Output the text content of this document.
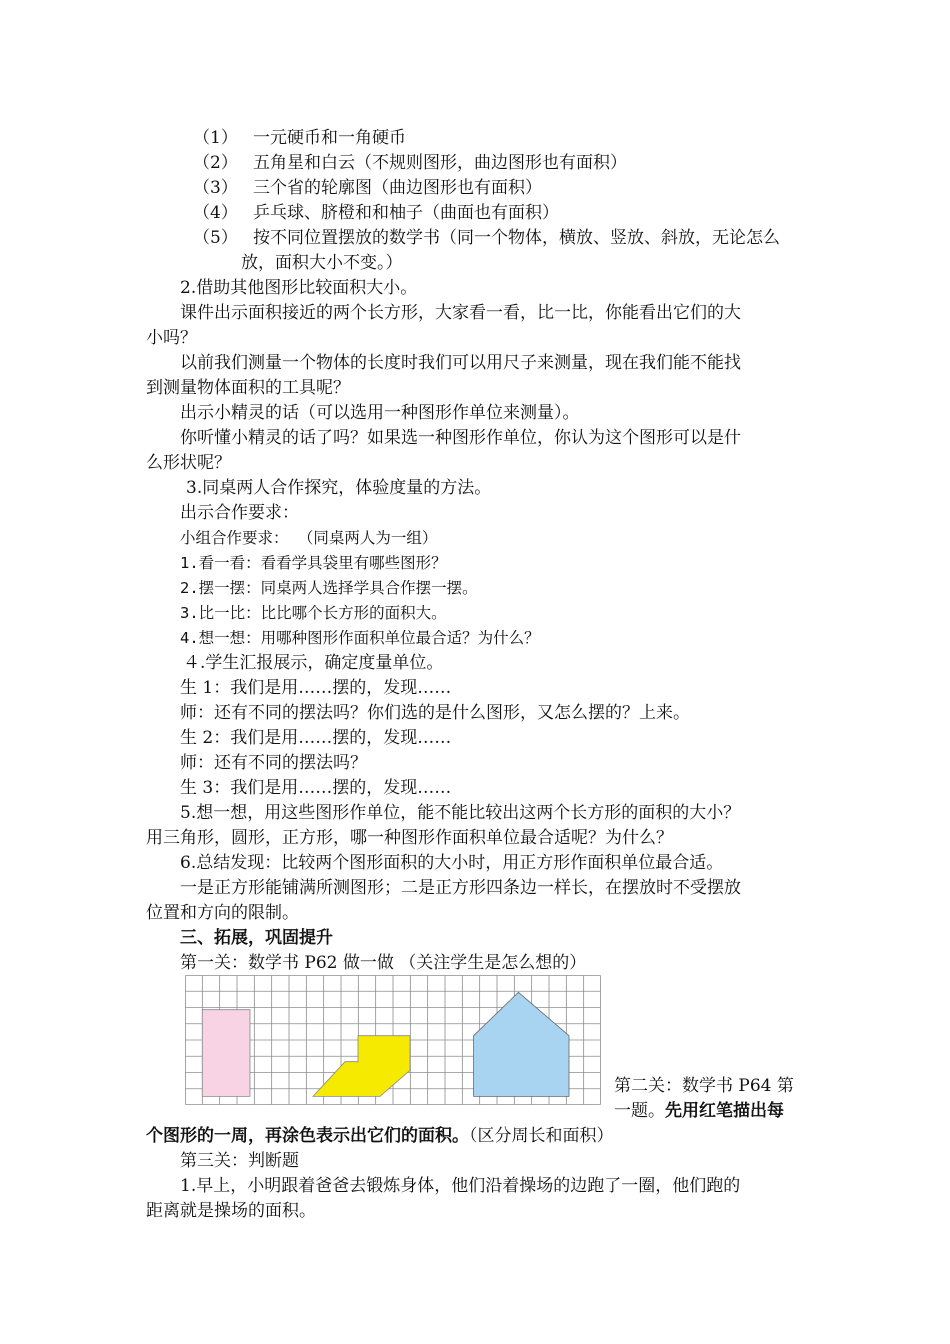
（1） 一元硬币和一角硬币
（2） 五角星和白云（不规则图形，曲边图形也有面积）
（3） 三个省的轮廓图（曲边图形也有面积）
（4） 乒乓球、脐橙和和柚子（曲面也有面积）
（5） 按不同位置摆放的数学书（同一个物体，横放、竖放、斜放，无论怎么
放，面积大小不变。）
2.借助其他图形比较面积大小。
课件出示面积接近的两个长方形，大家看一看，比一比，你能看出它们的大
小吗？
以前我们测量一个物体的长度时我们可以用尺子来测量，现在我们能不能找
到测量物体面积的工具呢？
出示小精灵的话（可以选用一种图形作单位来测量）。
你听懂小精灵的话了吗？如果选一种图形作单位，你认为这个图形可以是什
么形状呢？
3.同桌两人合作探究，体验度量的方法。
出示合作要求：
小组合作要求： （同桌两人为一组）
1.看一看：看看学具袋里有哪些图形？
2.摆一摆：同桌两人选择学具合作摆一摆。
3.比一比：比比哪个长方形的面积大。
4.想一想：用哪种图形作面积单位最合适？为什么？
４.学生汇报展示，确定度量单位。
生 1：我们是用……摆的，发现……
师：还有不同的摆法吗？你们选的是什么图形，又怎么摆的？上来。
生 2：我们是用……摆的，发现……
师：还有不同的摆法吗？
生 3：我们是用……摆的，发现……
5.想一想，用这些图形作单位，能不能比较出这两个长方形的面积的大小？
用三角形，圆形，正方形，哪一种图形作面积单位最合适呢？为什么？
6.总结发现：比较两个图形面积的大小时，用正方形作面积单位最合适。
一是正方形能铺满所测图形；二是正方形四条边一样长，在摆放时不受摆放
位置和方向的限制。
三、拓展，巩固提升
第一关：数学书 P62 做一做 （关注学生是怎么想的）
第二关：数学书 P64 第
一题。先用红笔描出每
个图形的一周，再涂色表示出它们的面积。（区分周长和面积）
第三关：判断题
1.早上，小明跟着爸爸去锻炼身体，他们沿着操场的边跑了一圈，他们跑的
距离就是操场的面积。
